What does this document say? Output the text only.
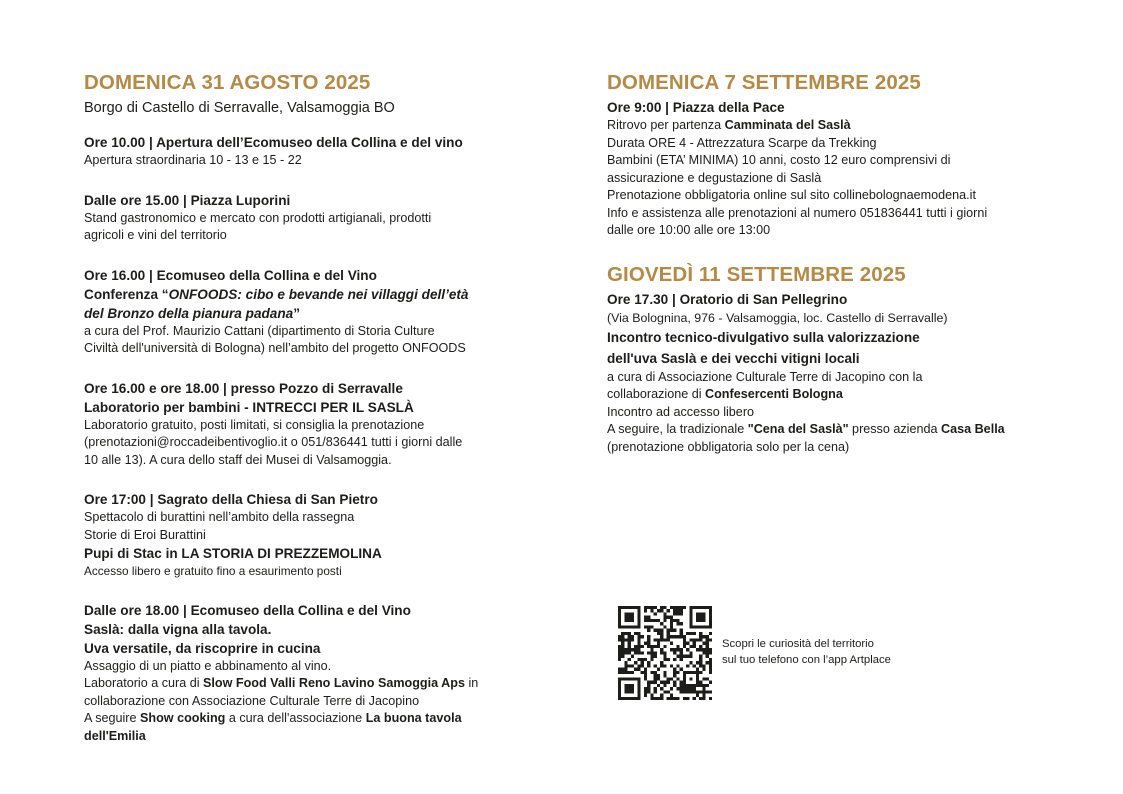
DOMENICA 31 AGOSTO 2025
Borgo di Castello di Serravalle, Valsamoggia BO
Ore 10.00 | Apertura dell’Ecomuseo della Collina e del vino
Apertura straordinaria 10 - 13 e 15 - 22
Dalle ore 15.00 | Piazza Luporini
Stand gastronomico e mercato con prodotti artigianali, prodotti
agricoli e vini del territorio
Ore 16.00 | Ecomuseo della Collina e del Vino
Conferenza “ONFOODS: cibo e bevande nei villaggi dell’età
del Bronzo della pianura padana”
a cura del Prof. Maurizio Cattani (dipartimento di Storia Culture
Civiltà dell'università di Bologna) nell’ambito del progetto ONFOODS
Ore 16.00 e ore 18.00 | presso Pozzo di Serravalle
Laboratorio per bambini - INTRECCI PER IL SASLÀ
Laboratorio gratuito, posti limitati, si consiglia la prenotazione
(prenotazioni@roccadeibentivoglio.it o 051/836441 tutti i giorni dalle
10 alle 13). A cura dello staff dei Musei di Valsamoggia.
Ore 17:00 | Sagrato della Chiesa di San Pietro
Spettacolo di burattini nell’ambito della rassegna
Storie di Eroi Burattini
Pupi di Stac in LA STORIA DI PREZZEMOLINA
Accesso libero e gratuito fino a esaurimento posti
Dalle ore 18.00 | Ecomuseo della Collina e del Vino
Saslà: dalla vigna alla tavola.
Uva versatile, da riscoprire in cucina
Assaggio di un piatto e abbinamento al vino.
Laboratorio a cura di Slow Food Valli Reno Lavino Samoggia Aps in
collaborazione con Associazione Culturale Terre di Jacopino
A seguire Show cooking a cura dell'associazione La buona tavola
dell'Emilia
DOMENICA 7 SETTEMBRE 2025
Ore 9:00 | Piazza della Pace
Ritrovo per partenza Camminata del Saslà
Durata ORE 4 - Attrezzatura Scarpe da Trekking
Bambini (ETA’ MINIMA) 10 anni, costo 12 euro comprensivi di
assicurazione e degustazione di Saslà
Prenotazione obbligatoria online sul sito collinebolognaemodena.it
Info e assistenza alle prenotazioni al numero 051836441 tutti i giorni
dalle ore 10:00 alle ore 13:00
GIOVEDÌ 11 SETTEMBRE 2025
Ore 17.30 | Oratorio di San Pellegrino
(Via Bolognina, 976 - Valsamoggia, loc. Castello di Serravalle)
Incontro tecnico-divulgativo sulla valorizzazione
dell'uva Saslà e dei vecchi vitigni locali
a cura di Associazione Culturale Terre di Jacopino con la
collaborazione di Confesercenti Bologna
Incontro ad accesso libero
A seguire, la tradizionale "Cena del Saslà" presso azienda Casa Bella
(prenotazione obbligatoria solo per la cena)
Scopri le curiosità del territorio
sul tuo telefono con l’app Artplace
